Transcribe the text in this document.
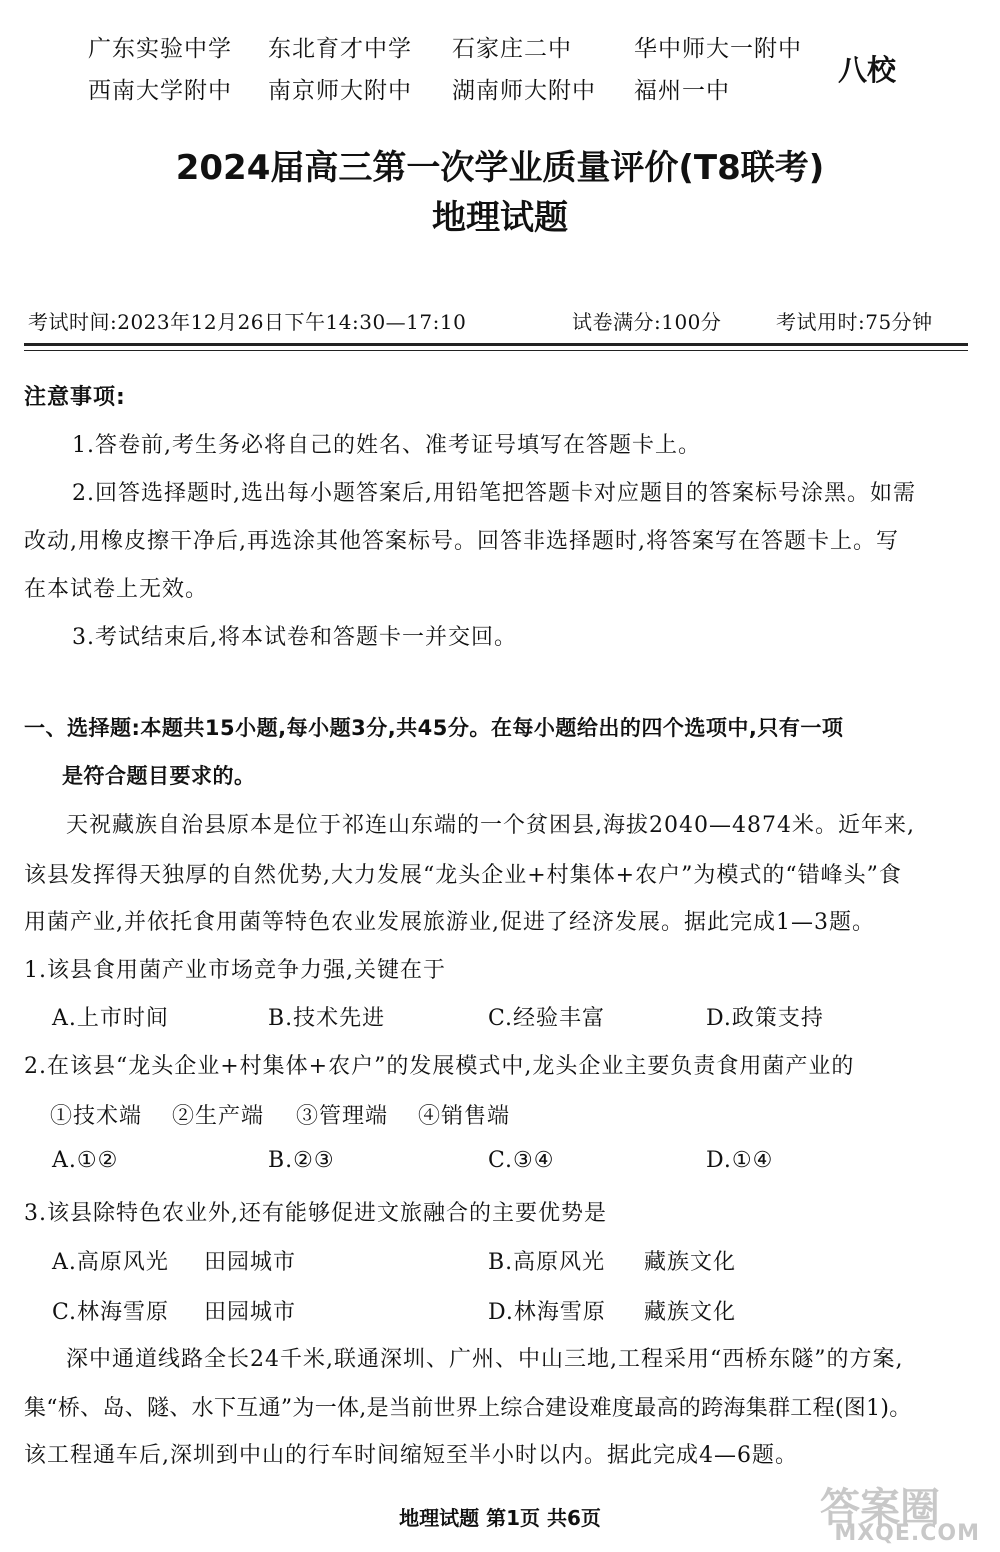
广东实验中学 东北育才中学 石家庄二中	华中师大一附中
西南大学附中 南京师大附中 湖南师大附中 福州一中
八校
2024届高三第一次学业质量评价(T8联考)
地理试题
考试时间:2023年12月26日下午14:30—17:10	试卷满分:100分	考试用时:75分钟
注意事项:
1.答卷前,考生务必将自己的姓名、准考证号填写在答题卡上。
2.回答选择题时,选出每小题答案后,用铅笔把答题卡对应题目的答案标号涂黑。如需
改动,用橡皮擦干净后,再选涂其他答案标号。回答非选择题时,将答案写在答题卡上。写
在本试卷上无效。
3.考试结束后,将本试卷和答题卡一并交回。
一、选择题:本题共15小题,每小题3分,共45分。在每小题给出的四个选项中,只有一项
是符合题目要求的。
天祝藏族自治县原本是位于祁连山东端的一个贫困县,海拔2040—4874米。近年来,
该县发挥得天独厚的自然优势,大力发展“龙头企业+村集体+农户”为模式的“错峰头”食
用菌产业,并依托食用菌等特色农业发展旅游业,促进了经济发展。据此完成1—3题。
1.该县食用菌产业市场竞争力强,关键在于
A.上市时间	B.技术先进	C.经验丰富	D.政策支持
2.在该县“龙头企业+村集体+农户”的发展模式中,龙头企业主要负责食用菌产业的
①技术端 ②生产端 ③管理端 ④销售端
A.①②	B.②③	C.③④	D.①④
3.该县除特色农业外,还有能够促进文旅融合的主要优势是
A.高原风光 田园城市	B.高原风光 藏族文化
C.林海雪原 田园城市	D.林海雪原 藏族文化
深中通道线路全长24千米,联通深圳、广州、中山三地,工程采用“西桥东隧”的方案,
集“桥、岛、隧、水下互通”为一体,是当前世界上综合建设难度最高的跨海集群工程(图1)。
该工程通车后,深圳到中山的行车时间缩短至半小时以内。据此完成4—6题。
地理试题 第1页 共6页	答案圈
MXQE.COM
